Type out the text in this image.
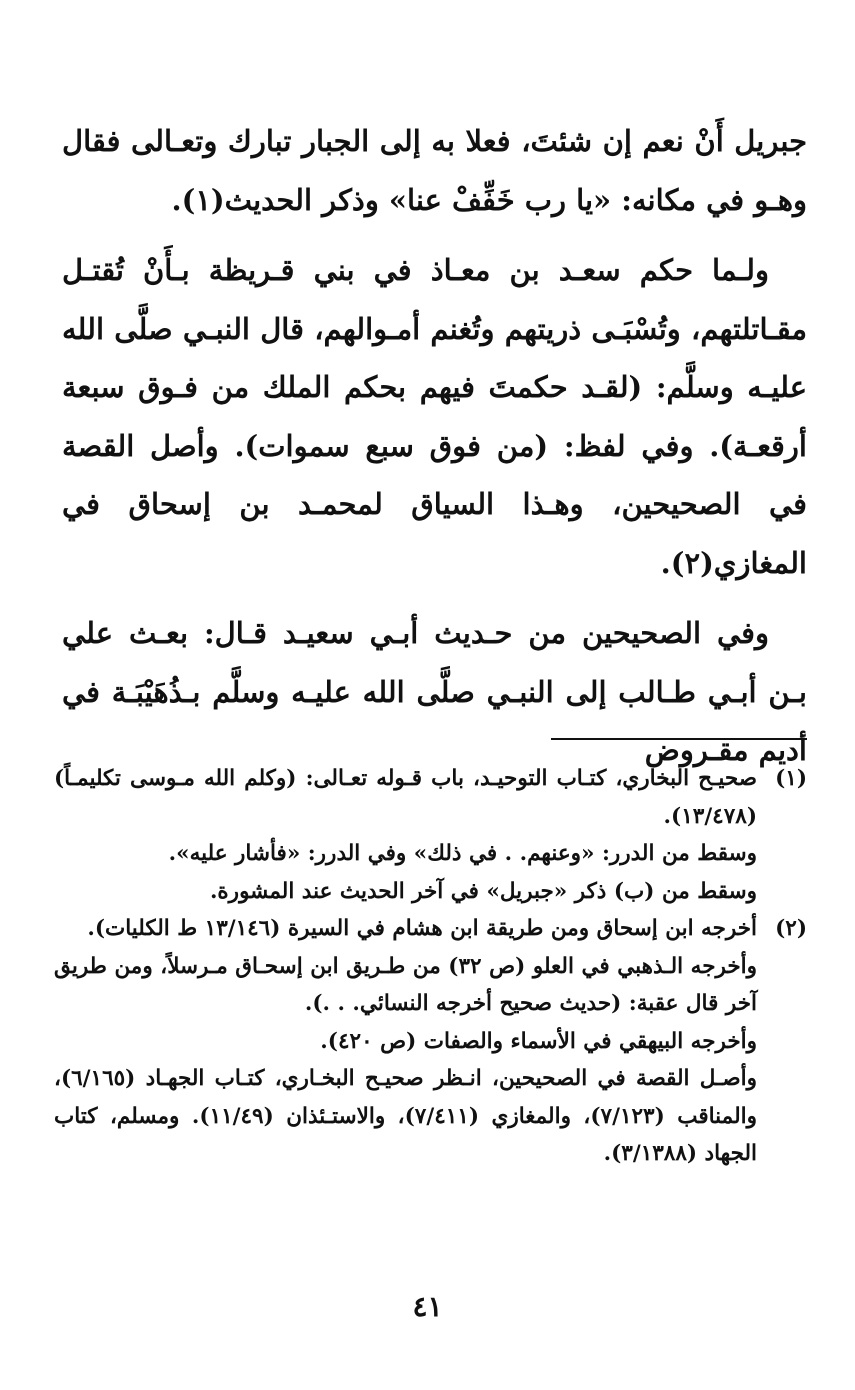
جبريل أَنْ نعم إن شئتَ، فعلا به إلى الجبار تبارك وتعـالى فقال وهـو في مكانه: «يا رب خَفِّفْ عنا» وذكر الحديث(١).

ولـما حكم سعـد بن معـاذ في بني قـريظة بـأَنْ تُقتـل مقـاتلتهم، وتُسْبَـى ذريتهم وتُغنم أمـوالهم، قال النبـي صلَّى الله عليـه وسلَّم: (لقـد حكمتَ فيهم بحكم الملك من فـوق سبعة أرقعـة). وفي لفظ: (من فوق سبع سموات). وأصل القصة في الصحيحين، وهـذا السياق لمحمـد بن إسحاق في المغازي(٢).

وفي الصحيحين من حـديث أبـي سعيـد قـال: بعـث علي بـن أبـي طـالب إلى النبـي صلَّى الله عليـه وسلَّم بـذُهَيْبَـة في أديم مقـروض

(١)

صحيـح البخاري، كتـاب التوحيـد، باب قـوله تعـالى: (وكلم الله مـوسى تكليمـاً) (١٣/٤٧٨).

وسقط من الدرر: «وعنهم. . في ذلك» وفي الدرر: «فأشار عليه».

وسقط من (ب) ذكر «جبريل» في آخر الحديث عند المشورة.

(٢)

أخرجه ابن إسحاق ومن طريقة ابن هشام في السيرة (١٣/١٤٦ ط الكليات).

وأخرجه الـذهبي في العلو (ص ٣٢) من طـريق ابن إسحـاق مـرسلاً، ومن طريق آخر قال عقبة: (حديث صحيح أخرجه النسائي. . .).

وأخرجه البيهقي في الأسماء والصفات (ص ٤٢٠).

وأصـل القصة في الصحيحين، انـظر صحيـح البخـاري، كتـاب الجهـاد (٦/١٦٥)، والمناقب (٧/١٢٣)، والمغازي (٧/٤١١)، والاستـئذان (١١/٤٩). ومسلم، كتاب الجهاد (٣/١٣٨٨).

٤١
